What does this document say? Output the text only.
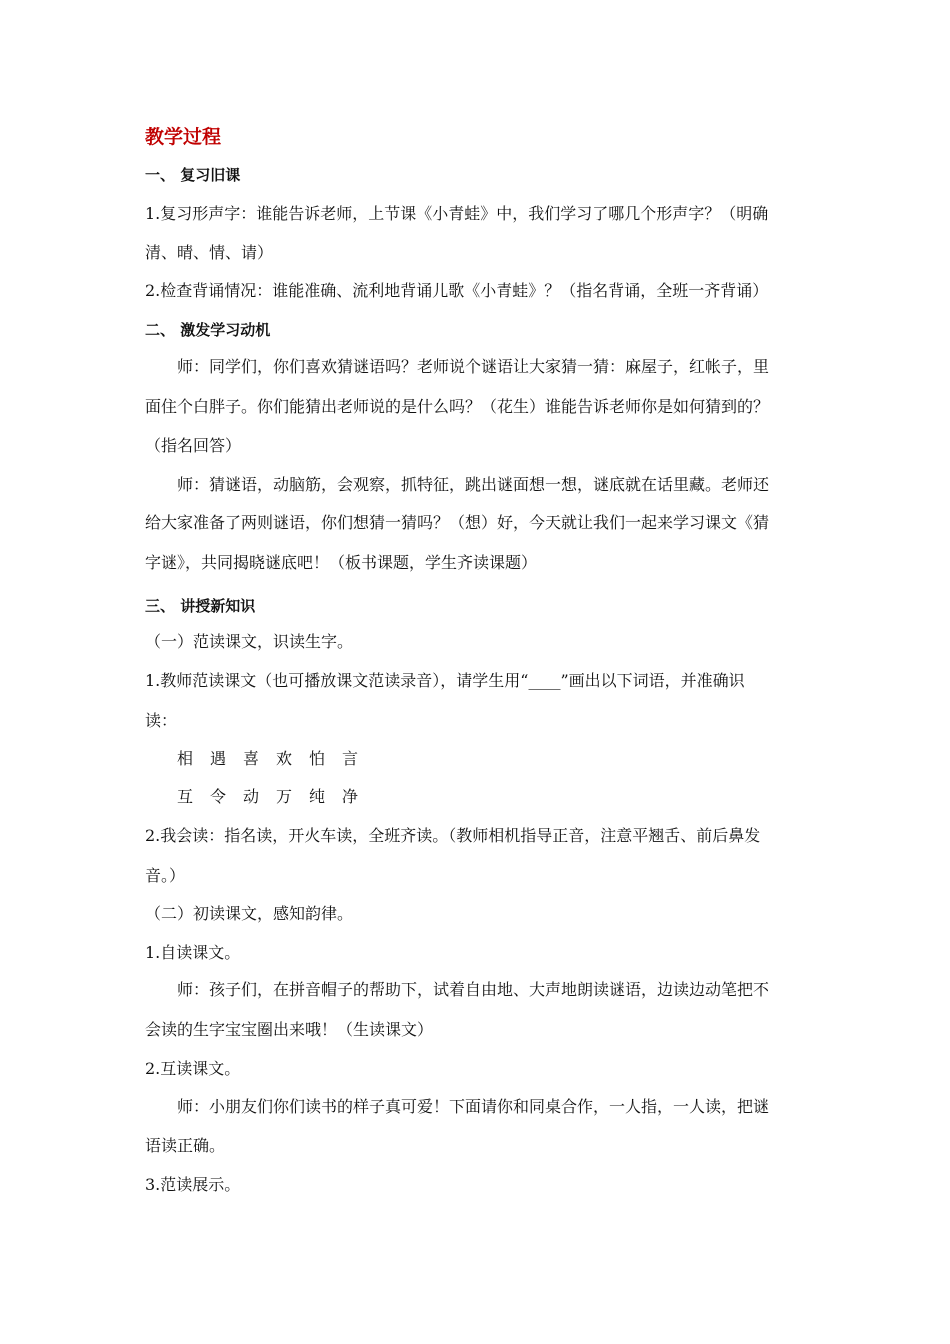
教学过程
一、 复习旧课
1.复习形声字：谁能告诉老师，上节课《小青蛙》中，我们学习了哪几个形声字？（明确
清、晴、情、请）
2.检查背诵情况：谁能准确、流利地背诵儿歌《小青蛙》？（指名背诵，全班一齐背诵）
二、 激发学习动机
师：同学们，你们喜欢猜谜语吗？老师说个谜语让大家猜一猜：麻屋子，红帐子，里
面住个白胖子。你们能猜出老师说的是什么吗？（花生）谁能告诉老师你是如何猜到的？
（指名回答）
师：猜谜语，动脑筋，会观察，抓特征，跳出谜面想一想，谜底就在话里藏。老师还
给大家准备了两则谜语，你们想猜一猜吗？（想）好，今天就让我们一起来学习课文《猜
字谜》，共同揭晓谜底吧！（板书课题，学生齐读课题）
三、 讲授新知识
（一）范读课文，识读生字。
1.教师范读课文（也可播放课文范读录音），请学生用“____”画出以下词语，并准确识
读：
相 遇 喜 欢 怕 言
互 令 动 万 纯 净
2.我会读：指名读，开火车读，全班齐读。（教师相机指导正音，注意平翘舌、前后鼻发
音。）
（二）初读课文，感知韵律。
1.自读课文。
师：孩子们，在拼音帽子的帮助下，试着自由地、大声地朗读谜语，边读边动笔把不
会读的生字宝宝圈出来哦！（生读课文）
2.互读课文。
师：小朋友们你们读书的样子真可爱！下面请你和同桌合作，一人指，一人读，把谜
语读正确。
3.范读展示。
